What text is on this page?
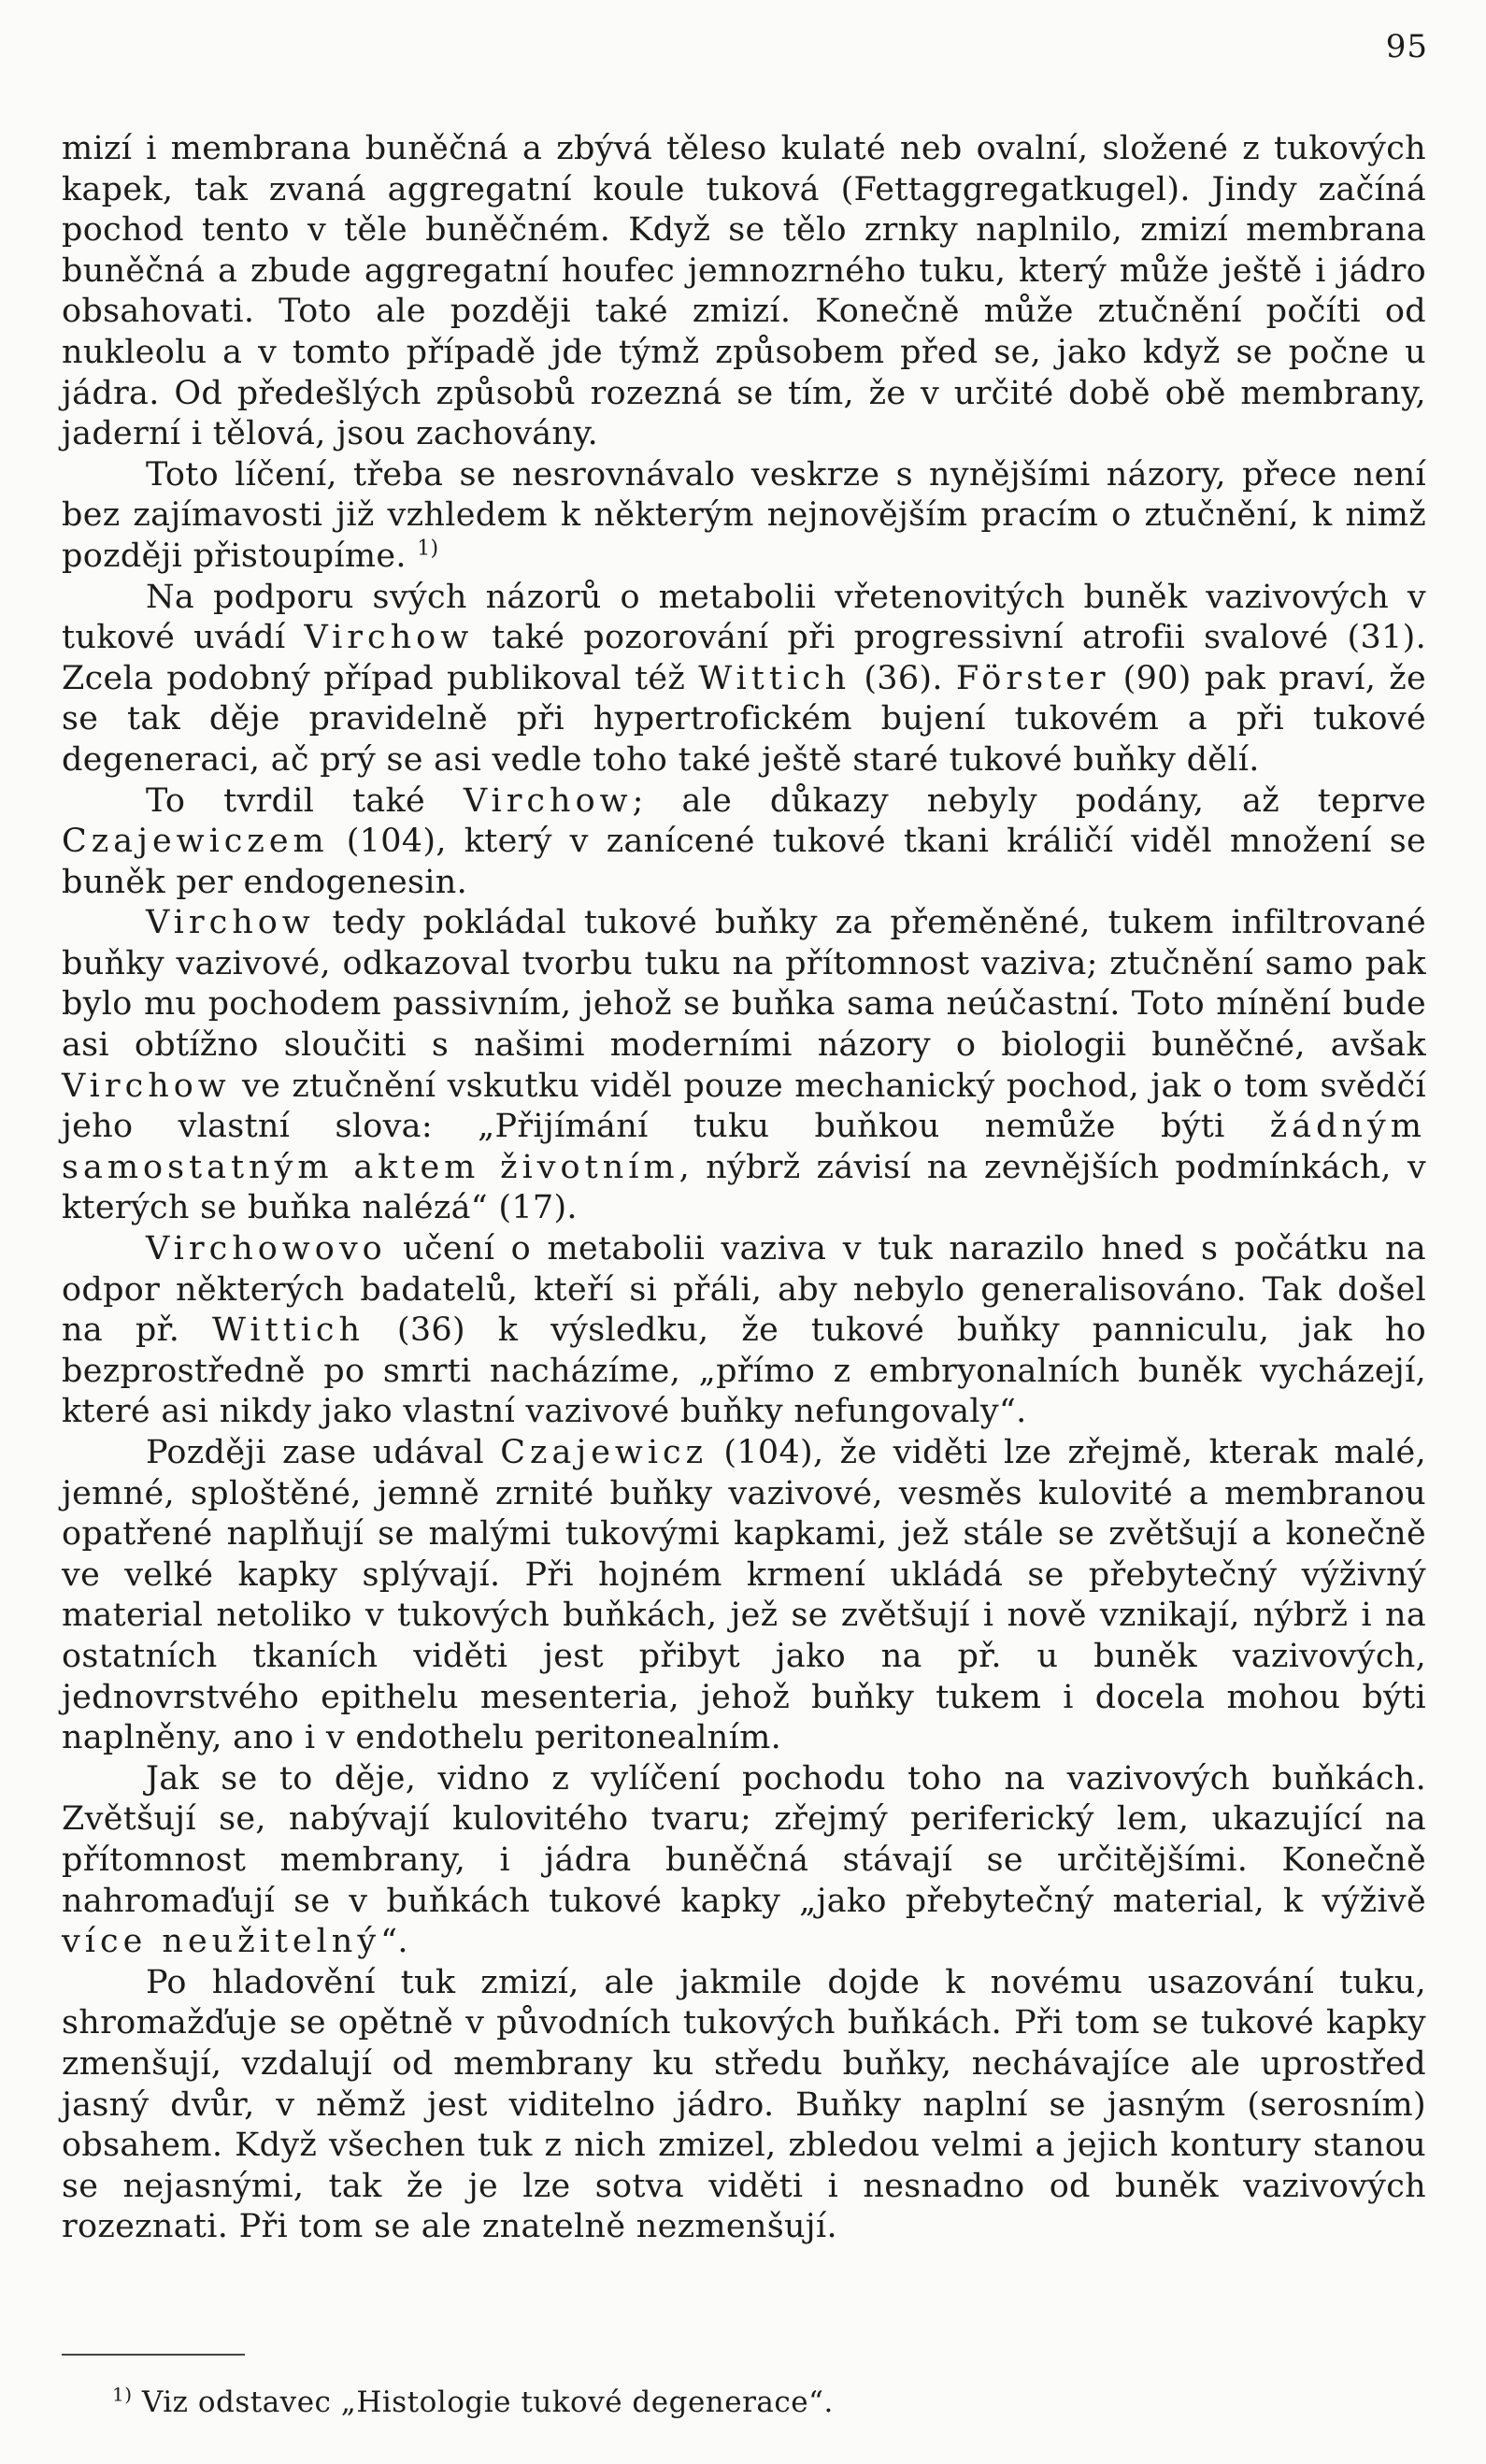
95

mizí i membrana buněčná a zbývá těleso kulaté neb ovalní, složené z tukových kapek, tak zvaná aggregatní koule tuková (Fettaggregatkugel). Jindy začíná pochod tento v těle buněčném. Když se tělo zrnky naplnilo, zmizí membrana buněčná a zbude aggregatní houfec jemnozrného tuku, který může ještě i jádro obsahovati. Toto ale později také zmizí. Konečně může ztučnění počíti od nukleolu a v tomto případě jde týmž způsobem před se, jako když se počne u jádra. Od předešlých způsobů rozezná se tím, že v určité době obě membrany, jaderní i tělová, jsou zachovány.

Toto líčení, třeba se nesrovnávalo veskrze s nynějšími názory, přece není bez zajímavosti již vzhledem k některým nejnovějším pracím o ztučnění, k nimž později přistoupíme. $^{1)}$

Na podporu svých názorů o metabolii vřetenovitých buněk vazivových v tukové uvádí Virchow také pozorování při progressivní atrofii svalové (31). Zcela podobný případ publikoval též Wittich (36). Förster (90) pak praví, že se tak děje pravidelně při hypertrofickém bujení tukovém a při tukové degeneraci, ač prý se asi vedle toho také ještě staré tukové buňky dělí.

To tvrdil také Virchow; ale důkazy nebyly podány, až teprve Czajewiczem (104), který v zanícené tukové tkani králičí viděl množení se buněk per endogenesin.

Virchow tedy pokládal tukové buňky za přeměněné, tukem infiltrované buňky vazivové, odkazoval tvorbu tuku na přítomnost vaziva; ztučnění samo pak bylo mu pochodem passivním, jehož se buňka sama neúčastní. Toto mínění bude asi obtížno sloučiti s našimi moderními názory o biologii buněčné, avšak Virchow ve ztučnění vskutku viděl pouze mechanický pochod, jak o tom svědčí jeho vlastní slova: „Přijímání tuku buňkou nemůže býti žádným samostatným aktem životním, nýbrž závisí na zevnějších podmínkách, v kterých se buňka nalézá“ (17).

Virchowovo učení o metabolii vaziva v tuk narazilo hned s počátku na odpor některých badatelů, kteří si přáli, aby nebylo generalisováno. Tak došel na př. Wittich (36) k výsledku, že tukové buňky panniculu, jak ho bezprostředně po smrti nacházíme, „přímo z embryonalních buněk vycházejí, které asi nikdy jako vlastní vazivové buňky nefungovaly“.

Později zase udával Czajewicz (104), že viděti lze zřejmě, kterak malé, jemné, sploštěné, jemně zrnité buňky vazivové, vesměs kulovité a membranou opatřené naplňují se malými tukovými kapkami, jež stále se zvětšují a konečně ve velké kapky splývají. Při hojném krmení ukládá se přebytečný výživný material netoliko v tukových buňkách, jež se zvětšují i nově vznikají, nýbrž i na ostatních tkaních viděti jest přibyt jako na př. u buněk vazivových, jednovrstvého epithelu mesenteria, jehož buňky tukem i docela mohou býti naplněny, ano i v endothelu peritonealním.

Jak se to děje, vidno z vylíčení pochodu toho na vazivových buňkách. Zvětšují se, nabývají kulovitého tvaru; zřejmý periferický lem, ukazující na přítomnost membrany, i jádra buněčná stávají se určitějšími. Konečně nahromaďují se v buňkách tukové kapky „jako přebytečný material, k výživě více neužitelný“.

Po hladovění tuk zmizí, ale jakmile dojde k novému usazování tuku, shromažďuje se opětně v původních tukových buňkách. Při tom se tukové kapky zmenšují, vzdalují od membrany ku středu buňky, nechávajíce ale uprostřed jasný dvůr, v němž jest viditelno jádro. Buňky naplní se jasným (serosním) obsahem. Když všechen tuk z nich zmizel, zbledou velmi a jejich kontury stanou se nejasnými, tak že je lze sotva viděti i nesnadno od buněk vazivových rozeznati. Při tom se ale znatelně nezmenšují.

$^{1)}$ Viz odstavec „Histologie tukové degenerace“.
